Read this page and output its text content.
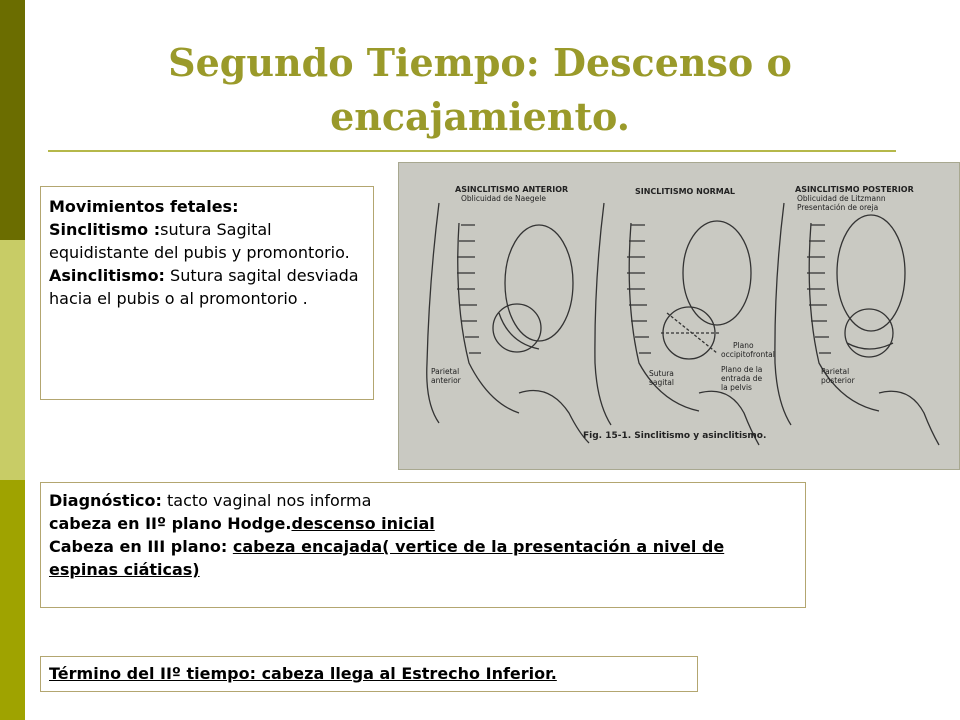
Segundo Tiempo: Descenso o
encajamiento.
Movimientos fetales:
Sinclitismo :sutura Sagital equidistante del pubis y promontorio.
Asinclitismo: Sutura sagital desviada hacia el pubis o al promontorio .
ASINCLITISMO ANTERIOR
Oblicuidad de Naegele
SINCLITISMO NORMAL	ASINCLITISMO POSTERIOR
Oblicuidad de Litzmann
Presentación de oreja
Parietal
anterior
Sutura
sagital
Plano
occipitofrontal
Plano de la
entrada de
la pelvis
Parietal
posterior
Fig. 15-1. Sinclitismo y asinclitismo.
Diagnóstico: tacto vaginal nos informa
cabeza en IIº plano Hodge.descenso inicial
Cabeza en III plano: cabeza encajada( vertice de la presentación a nivel de espinas ciáticas)
Término del IIº tiempo: cabeza llega al Estrecho Inferior.
